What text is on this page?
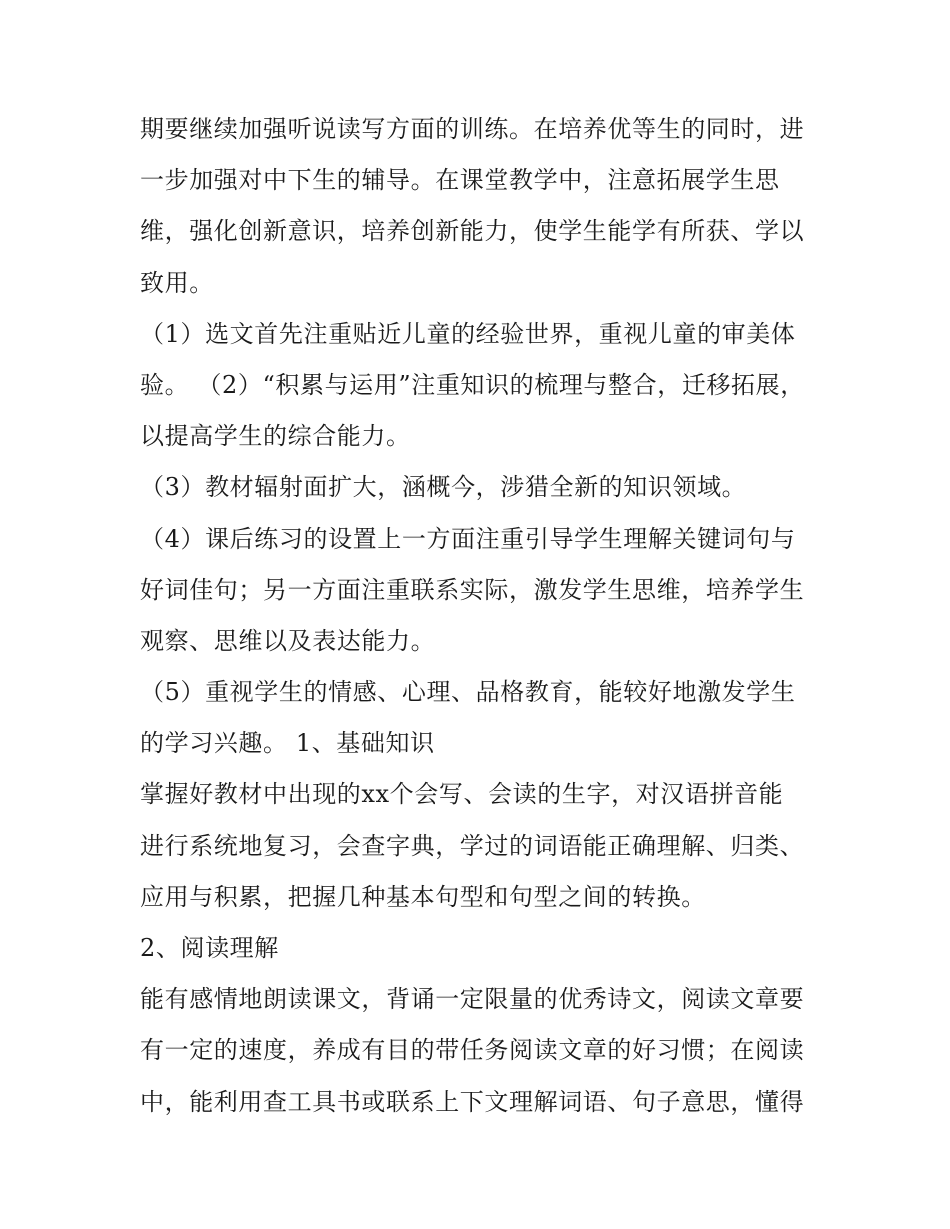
期要继续加强听说读写方面的训练。在培养优等生的同时，进
一步加强对中下生的辅导。在课堂教学中，注意拓展学生思
维，强化创新意识，培养创新能力，使学生能学有所获、学以
致用。
（1）选文首先注重贴近儿童的经验世界，重视儿童的审美体
验。 （2）“积累与运用”注重知识的梳理与整合，迁移拓展，
以提高学生的综合能力。
（3）教材辐射面扩大，涵概今，涉猎全新的知识领域。
（4）课后练习的设置上一方面注重引导学生理解关键词句与
好词佳句；另一方面注重联系实际，激发学生思维，培养学生
观察、思维以及表达能力。
（5）重视学生的情感、心理、品格教育，能较好地激发学生
的学习兴趣。 1、基础知识
掌握好教材中出现的xx个会写、会读的生字，对汉语拼音能
进行系统地复习，会查字典，学过的词语能正确理解、归类、
应用与积累，把握几种基本句型和句型之间的转换。
2、阅读理解
能有感情地朗读课文，背诵一定限量的优秀诗文，阅读文章要
有一定的速度，养成有目的带任务阅读文章的好习惯；在阅读
中，能利用查工具书或联系上下文理解词语、句子意思，懂得
